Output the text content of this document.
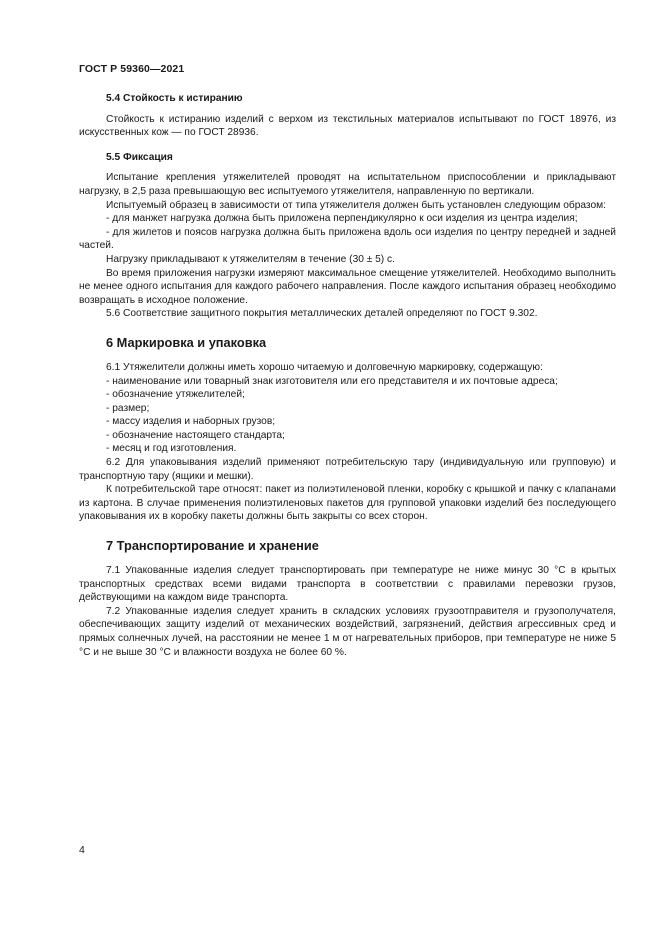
ГОСТ Р 59360—2021

5.4 Стойкость к истиранию

Стойкость к истиранию изделий с верхом из текстильных материалов испытывают по ГОСТ 18976, из искусственных кож — по ГОСТ 28936.

5.5 Фиксация

Испытание крепления утяжелителей проводят на испытательном приспособлении и прикладывают нагрузку, в 2,5 раза превышающую вес испытуемого утяжелителя, направленную по вертикали.

Испытуемый образец в зависимости от типа утяжелителя должен быть установлен следующим образом:

- для манжет нагрузка должна быть приложена перпендикулярно к оси изделия из центра изделия;

- для жилетов и поясов нагрузка должна быть приложена вдоль оси изделия по центру передней и задней частей.

Нагрузку прикладывают к утяжелителям в течение (30 ± 5) с.

Во время приложения нагрузки измеряют максимальное смещение утяжелителей. Необходимо выполнить не менее одного испытания для каждого рабочего направления. После каждого испытания образец необходимо возвращать в исходное положение.

5.6 Соответствие защитного покрытия металлических деталей определяют по ГОСТ 9.302.

6 Маркировка и упаковка

6.1 Утяжелители должны иметь хорошо читаемую и долговечную маркировку, содержащую:

- наименование или товарный знак изготовителя или его представителя и их почтовые адреса;

- обозначение утяжелителей;

- размер;

- массу изделия и наборных грузов;

- обозначение настоящего стандарта;

- месяц и год изготовления.

6.2 Для упаковывания изделий применяют потребительскую тару (индивидуальную или групповую) и транспортную тару (ящики и мешки).

К потребительской таре относят: пакет из полиэтиленовой пленки, коробку с крышкой и пачку с клапанами из картона. В случае применения полиэтиленовых пакетов для групповой упаковки изделий без последующего упаковывания их в коробку пакеты должны быть закрыты со всех сторон.

7 Транспортирование и хранение

7.1 Упакованные изделия следует транспортировать при температуре не ниже минус 30 °С в крытых транспортных средствах всеми видами транспорта в соответствии с правилами перевозки грузов, действующими на каждом виде транспорта.

7.2 Упакованные изделия следует хранить в складских условиях грузоотправителя и грузополучателя, обеспечивающих защиту изделий от механических воздействий, загрязнений, действия агрессивных сред и прямых солнечных лучей, на расстоянии не менее 1 м от нагревательных приборов, при температуре не ниже 5 °С и не выше 30 °С и влажности воздуха не более 60 %.

4
